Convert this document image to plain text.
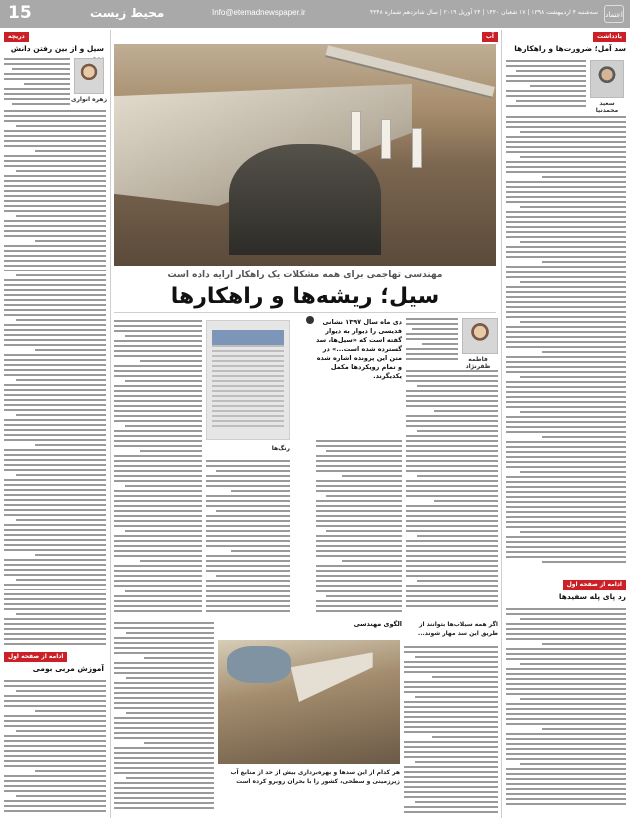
15	محیط زیست	Info@etemadnewspaper.ir	سه‌شنبه ۴ اردیبهشت ۱۳۹۸ | ۱۷ شعبان ۱۴۴۰ | ۲۴ آوریل ۲۰۱۹ | سال شانزدهم شماره ۴۳۴۸ اعتماد
یادداشت
سد آمل؛ ضرورت‌ها و راهکارها
سعید محمدنیا
ادامه از صفحه اول
رد پای پله سفید‌ها
دریچه
سیل و از بین رفتن دانش
زهره انواری
ادامه از صفحه اول
آموزش مربی بومی
آب
مهندسی تهاجمی برای همه مشکلات یک راهکار ارایه داده است
سیل؛ ریشه‌ها و راهکارها
فاطمه ظفرنژاد
دی ماه سال ۱۳۹۷ نشانی فدیسی را دیوار به دیوار گفته است که «سیل‌ها، سد گسترده شده است...» در متن این پرونده اشاره شده و تمام رویکرد‌ها مکمل یکدیگرند.
الگوی مهندسی
رنگ‌ها
هر کدام از این سد‌ها و بهره‌برداری بیش از حد از منابع آب زیرزمینی و سطحی، کشور را با بحران روبرو کرده است
اگر همه سیلاب‌ها بتوانند از طریق این سد مهار شوند...
